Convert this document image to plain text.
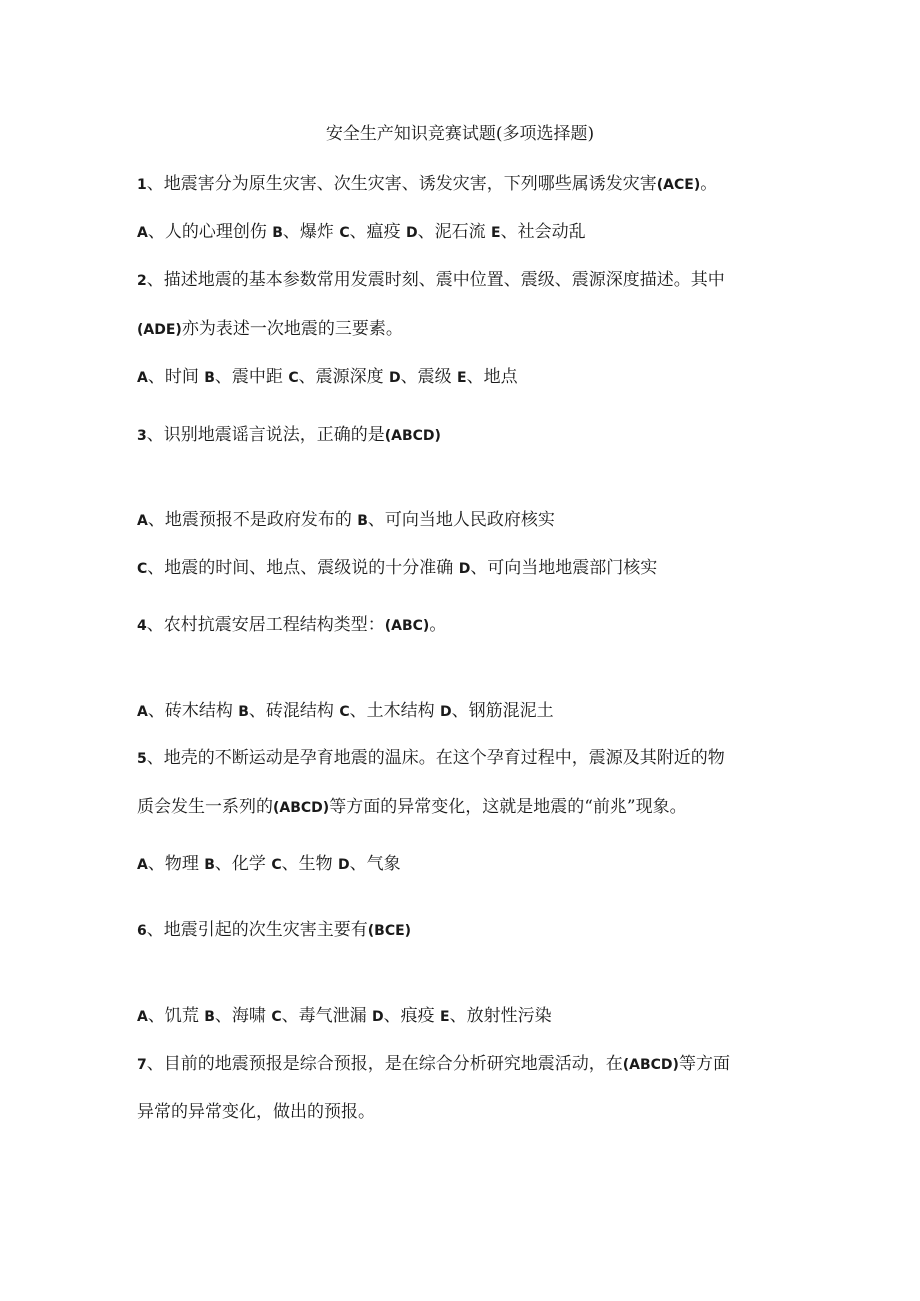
安全生产知识竞赛试题(多项选择题)
1、地震害分为原生灾害、次生灾害、诱发灾害，下列哪些属诱发灾害(ACE)。
A、人的心理创伤 B、爆炸 C、瘟疫 D、泥石流 E、社会动乱
2、描述地震的基本参数常用发震时刻、震中位置、震级、震源深度描述。其中
(ADE)亦为表述一次地震的三要素。
A、时间 B、震中距 C、震源深度 D、震级 E、地点
3、识别地震谣言说法，正确的是(ABCD)
A、地震预报不是政府发布的 B、可向当地人民政府核实
C、地震的时间、地点、震级说的十分准确 D、可向当地地震部门核实
4、农村抗震安居工程结构类型：(ABC)。
A、砖木结构 B、砖混结构 C、土木结构 D、钢筋混泥土
5、地壳的不断运动是孕育地震的温床。在这个孕育过程中，震源及其附近的物
质会发生一系列的(ABCD)等方面的异常变化，这就是地震的“前兆”现象。
A、物理 B、化学 C、生物 D、气象
6、地震引起的次生灾害主要有(BCE)
A、饥荒 B、海啸 C、毒气泄漏 D、痕疫 E、放射性污染
7、目前的地震预报是综合预报，是在综合分析研究地震活动，在(ABCD)等方面
异常的异常变化，做出的预报。
